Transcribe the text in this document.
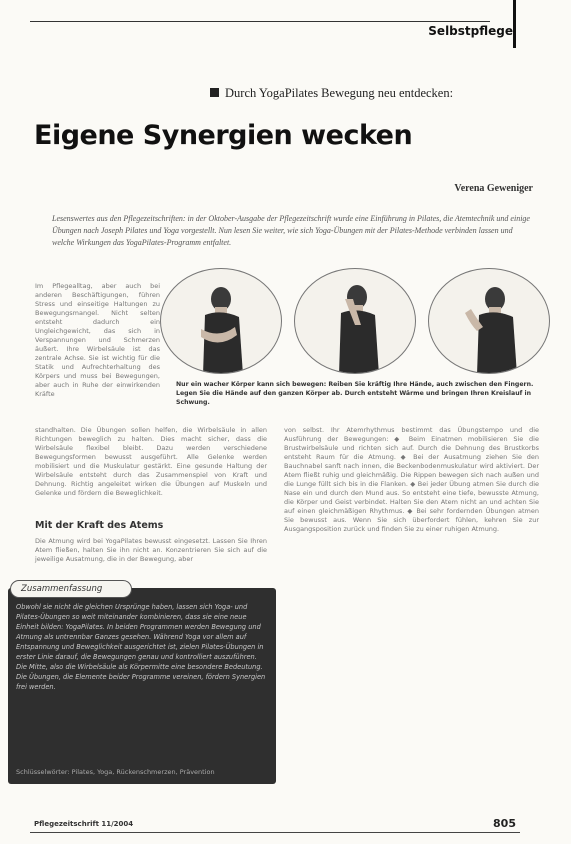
Selbstpflege
Durch YogaPilates Bewegung neu entdecken:
Eigene Synergien wecken
Verena Geweniger
Lesenswertes aus den Pflegezeitschriften: in der Oktober-Ausgabe der Pflegezeitschrift wurde eine Einführung in Pilates, die Atemtechnik und einige Übungen nach Joseph Pilates und Yoga vorgestellt. Nun lesen Sie weiter, wie sich Yoga-Übungen mit der Pilates-Methode verbinden lassen und welche Wirkungen das YogaPilates-Programm entfaltet.
Nur ein wacher Körper kann sich bewegen: Reiben Sie kräftig Ihre Hände, auch zwischen den Fingern. Legen Sie die Hände auf den ganzen Körper ab. Durch entsteht Wärme und bringen Ihren Kreislauf in Schwung.
Im Pflegealltag, aber auch bei anderen Beschäftigungen, führen Stress und einseitige Haltungen zu Bewegungsmangel. Nicht selten entsteht dadurch ein Ungleichgewicht, das sich in Verspannungen und Schmerzen äußert. Ihre Wirbelsäule ist das zentrale Achse. Sie ist wichtig für die Statik und Aufrechterhaltung des Körpers und muss bei Bewegungen, aber auch in Ruhe der einwirkenden Kräfte
standhalten. Die Übungen sollen helfen, die Wirbelsäule in allen Richtungen beweglich zu halten. Dies macht sicher, dass die Wirbelsäule flexibel bleibt. Dazu werden verschiedene Bewegungsformen bewusst ausgeführt. Alle Gelenke werden mobilisiert und die Muskulatur gestärkt. Eine gesunde Haltung der Wirbelsäule entsteht durch das Zusammenspiel von Kraft und Dehnung. Richtig angeleitet wirken die Übungen auf Muskeln und Gelenke und fördern die Beweglichkeit.
Mit der Kraft des Atems
Die Atmung wird bei YogaPilates bewusst eingesetzt. Lassen Sie Ihren Atem fließen, halten Sie ihn nicht an. Konzentrieren Sie sich auf die jeweilige Ausatmung, die in der Bewegung, aber
von selbst. Ihr Atemrhythmus bestimmt das Übungstempo und die Ausführung der Bewegungen: ◆ Beim Einatmen mobilisieren Sie die Brustwirbelsäule und richten sich auf. Durch die Dehnung des Brustkorbs entsteht Raum für die Atmung. ◆ Bei der Ausatmung ziehen Sie den Bauchnabel sanft nach innen, die Beckenbodenmuskulatur wird aktiviert. Der Atem fließt ruhig und gleichmäßig. Die Rippen bewegen sich nach außen und die Lunge füllt sich bis in die Flanken. ◆ Bei jeder Übung atmen Sie durch die Nase ein und durch den Mund aus. So entsteht eine tiefe, bewusste Atmung, die Körper und Geist verbindet. Halten Sie den Atem nicht an und achten Sie auf einen gleichmäßigen Rhythmus. ◆ Bei sehr fordernden Übungen atmen Sie bewusst aus. Wenn Sie sich überfordert fühlen, kehren Sie zur Ausgangsposition zurück und finden Sie zu einer ruhigen Atmung.
Obwohl sie nicht die gleichen Ursprünge haben, lassen sich Yoga- und Pilates-Übungen so weit miteinander kombinieren, dass sie eine neue Einheit bilden: YogaPilates. In beiden Programmen werden Bewegung und Atmung als untrennbar Ganzes gesehen. Während Yoga vor allem auf Entspannung und Beweglichkeit ausgerichtet ist, zielen Pilates-Übungen in erster Linie darauf, die Bewegungen genau und kontrolliert auszuführen. Die Mitte, also die Wirbelsäule als Körpermitte eine besondere Bedeutung. Die Übungen, die Elemente beider Programme vereinen, fördern Synergien frei werden.
Schlüsselwörter: Pilates, Yoga, Rückenschmerzen, Prävention
Zusammenfassung
Pflegezeitschrift 11/2004	805
